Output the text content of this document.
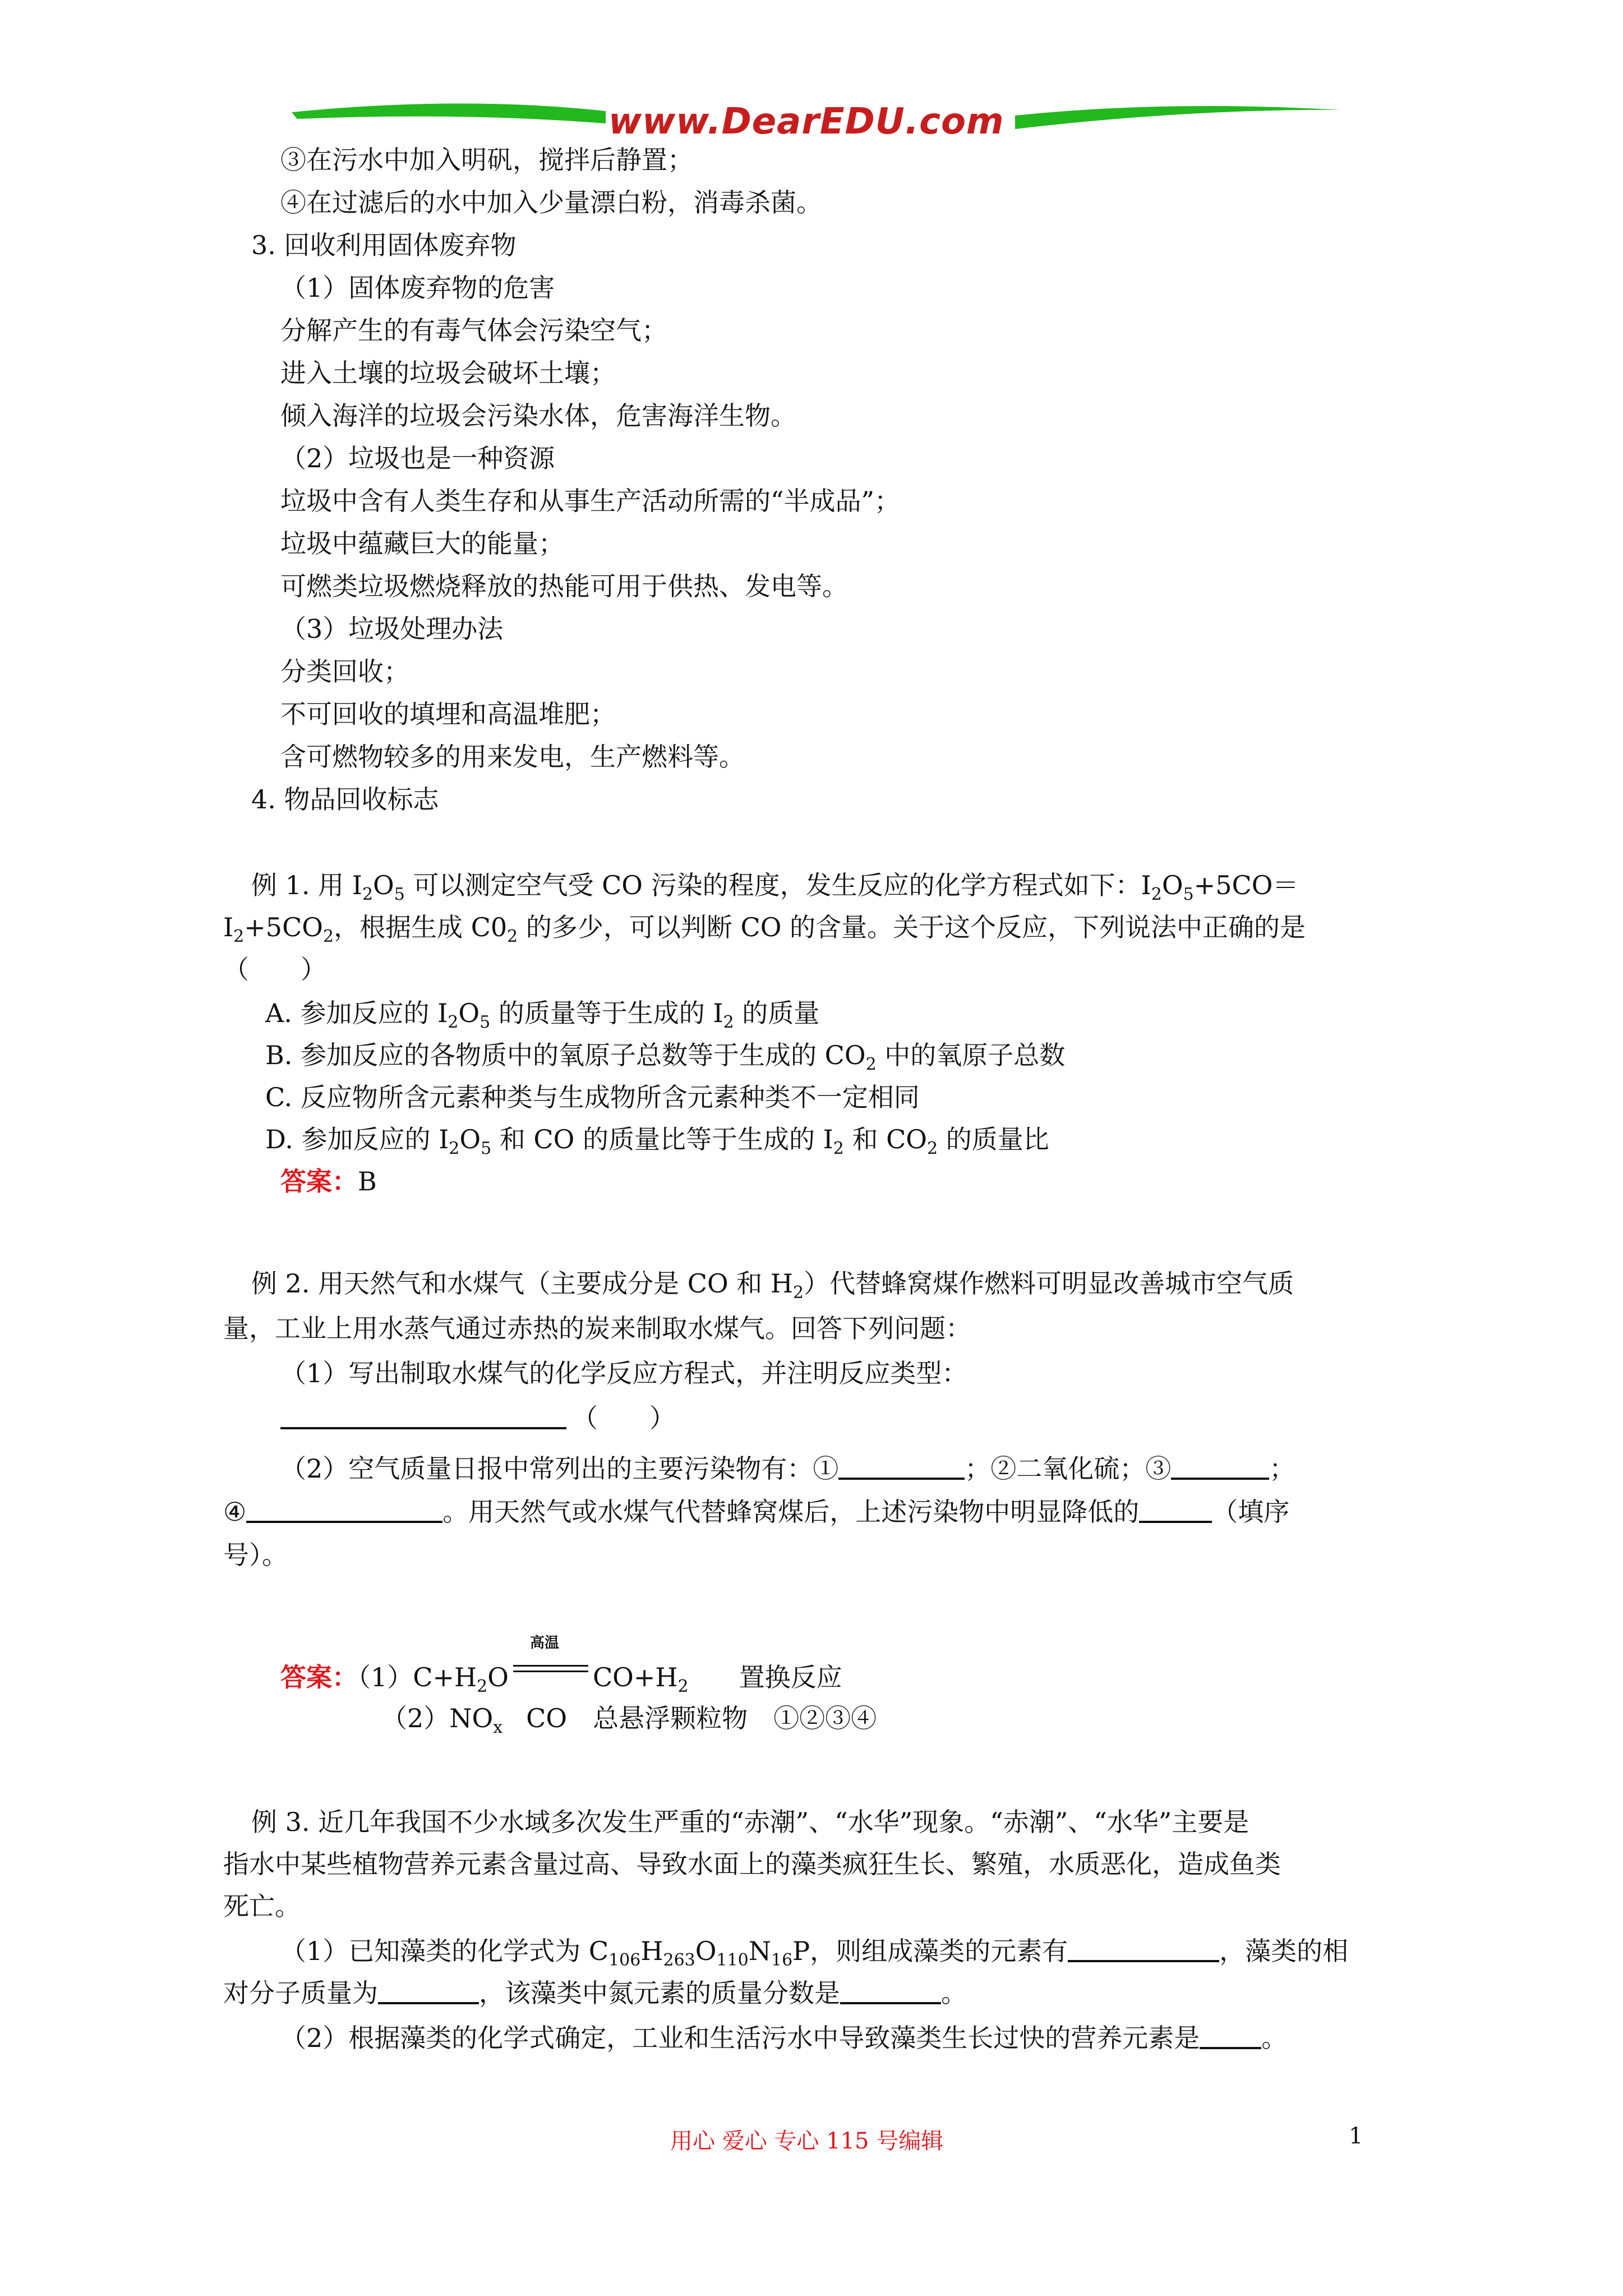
www.DearEDU.com
③在污水中加入明矾，搅拌后静置；
④在过滤后的水中加入少量漂白粉，消毒杀菌。
3. 回收利用固体废弃物
（1）固体废弃物的危害
分解产生的有毒气体会污染空气；
进入土壤的垃圾会破坏土壤；
倾入海洋的垃圾会污染水体，危害海洋生物。
（2）垃圾也是一种资源
垃圾中含有人类生存和从事生产活动所需的“半成品”；
垃圾中蕴藏巨大的能量；
可燃类垃圾燃烧释放的热能可用于供热、发电等。
（3）垃圾处理办法
分类回收；
不可回收的填埋和高温堆肥；
含可燃物较多的用来发电，生产燃料等。
4. 物品回收标志
例 1. 用 $I_2O_5$ 可以测定空气受 CO 污染的程度，发生反应的化学方程式如下：$I_2O_5+5CO=$
$I_2+5CO_2$，根据生成 $C0_2$ 的多少，可以判断 CO 的含量。关于这个反应，下列说法中正确的是
（　　）
A. 参加反应的 $I_2O_5$ 的质量等于生成的 $I_2$ 的质量
B. 参加反应的各物质中的氧原子总数等于生成的 $CO_2$ 中的氧原子总数
C. 反应物所含元素种类与生成物所含元素种类不一定相同
D. 参加反应的 $I_2O_5$ 和 CO 的质量比等于生成的 $I_2$ 和 $CO_2$ 的质量比
答案：B
例 2. 用天然气和水煤气（主要成分是 CO 和 $H_2$）代替蜂窝煤作燃料可明显改善城市空气质
量，工业上用水蒸气通过赤热的炭来制取水煤气。回答下列问题：
（1）写出制取水煤气的化学反应方程式，并注明反应类型：
（　　）
（2）空气质量日报中常列出的主要污染物有：①	；②二氧化硫；③	；
④	。用天然气或水煤气代替蜂窝煤后，上述污染物中明显降低的	（填序
号）。
答案：$(1)C+H_2O$
高温
$CO+H_2$ 置换反应
$(2)NO_x$ CO　总悬浮颗粒物　①②③④
例 3. 近几年我国不少水域多次发生严重的“赤潮”、“水华”现象。“赤潮”、“水华”主要是
指水中某些植物营养元素含量过高、导致水面上的藻类疯狂生长、繁殖，水质恶化，造成鱼类
死亡。
（1）已知藻类的化学式为 $C_{106}H_{263}O_{110}N_{16}P$，则组成藻类的元素有	，藻类的相
对分子质量为	，该藻类中氮元素的质量分数是	。
（2）根据藻类的化学式确定，工业和生活污水中导致藻类生长过快的营养元素是 。
用心 爱心 专心 115 号编辑	1
